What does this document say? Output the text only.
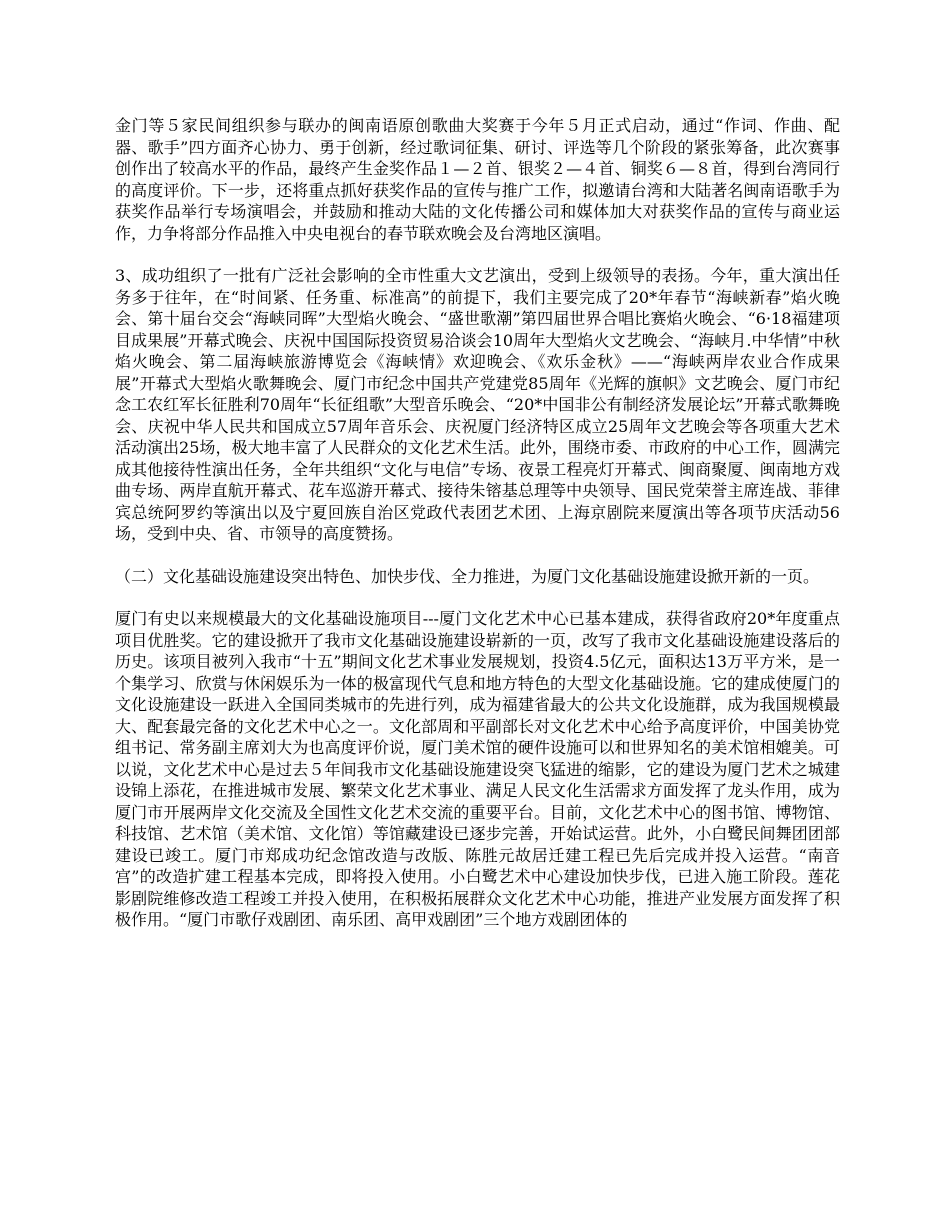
金门等５家民间组织参与联办的闽南语原创歌曲大奖赛于今年５月正式启动，通过“作词、作曲、配器、歌手”四方面齐心协力、勇于创新，经过歌词征集、研讨、评选等几个阶段的紧张筹备，此次赛事创作出了较高水平的作品，最终产生金奖作品１—２首、银奖２—４首、铜奖６—８首，得到台湾同行的高度评价。下一步，还将重点抓好获奖作品的宣传与推广工作，拟邀请台湾和大陆著名闽南语歌手为获奖作品举行专场演唱会，并鼓励和推动大陆的文化传播公司和媒体加大对获奖作品的宣传与商业运作，力争将部分作品推入中央电视台的春节联欢晚会及台湾地区演唱。

3、成功组织了一批有广泛社会影响的全市性重大文艺演出，受到上级领导的表扬。今年，重大演出任务多于往年，在“时间紧、任务重、标准高”的前提下，我们主要完成了20*年春节“海峡新春”焰火晚会、第十届台交会“海峡同晖”大型焰火晚会、“盛世歌潮”第四届世界合唱比赛焰火晚会、“6·18福建项目成果展”开幕式晚会、庆祝中国国际投资贸易洽谈会10周年大型焰火文艺晚会、“海峡月.中华情”中秋焰火晚会、第二届海峡旅游博览会《海峡情》欢迎晚会、《欢乐金秋》——“海峡两岸农业合作成果展”开幕式大型焰火歌舞晚会、厦门市纪念中国共产党建党85周年《光辉的旗帜》文艺晚会、厦门市纪念工农红军长征胜利70周年“长征组歌”大型音乐晚会、“20*中国非公有制经济发展论坛”开幕式歌舞晚会、庆祝中华人民共和国成立57周年音乐会、庆祝厦门经济特区成立25周年文艺晚会等各项重大艺术活动演出25场，极大地丰富了人民群众的文化艺术生活。此外，围绕市委、市政府的中心工作，圆满完成其他接待性演出任务，全年共组织“文化与电信”专场、夜景工程亮灯开幕式、闽商聚厦、闽南地方戏曲专场、两岸直航开幕式、花车巡游开幕式、接待朱镕基总理等中央领导、国民党荣誉主席连战、菲律宾总统阿罗约等演出以及宁夏回族自治区党政代表团艺术团、上海京剧院来厦演出等各项节庆活动56场，受到中央、省、市领导的高度赞扬。

（二）文化基础设施建设突出特色、加快步伐、全力推进，为厦门文化基础设施建设掀开新的一页。

厦门有史以来规模最大的文化基础设施项目---厦门文化艺术中心已基本建成，获得省政府20*年度重点项目优胜奖。它的建设掀开了我市文化基础设施建设崭新的一页，改写了我市文化基础设施建设落后的历史。该项目被列入我市“十五”期间文化艺术事业发展规划，投资4.5亿元，面积达13万平方米，是一个集学习、欣赏与休闲娱乐为一体的极富现代气息和地方特色的大型文化基础设施。它的建成使厦门的文化设施建设一跃进入全国同类城市的先进行列，成为福建省最大的公共文化设施群，成为我国规模最大、配套最完备的文化艺术中心之一。文化部周和平副部长对文化艺术中心给予高度评价，中国美协党组书记、常务副主席刘大为也高度评价说，厦门美术馆的硬件设施可以和世界知名的美术馆相媲美。可以说，文化艺术中心是过去５年间我市文化基础设施建设突飞猛进的缩影，它的建设为厦门艺术之城建设锦上添花，在推进城市发展、繁荣文化艺术事业、满足人民文化生活需求方面发挥了龙头作用，成为厦门市开展两岸文化交流及全国性文化艺术交流的重要平台。目前，文化艺术中心的图书馆、博物馆、科技馆、艺术馆（美术馆、文化馆）等馆藏建设已逐步完善，开始试运营。此外，小白鹭民间舞团团部建设已竣工。厦门市郑成功纪念馆改造与改版、陈胜元故居迁建工程已先后完成并投入运营。“南音宫”的改造扩建工程基本完成，即将投入使用。小白鹭艺术中心建设加快步伐，已进入施工阶段。莲花影剧院维修改造工程竣工并投入使用，在积极拓展群众文化艺术中心功能，推进产业发展方面发挥了积极作用。“厦门市歌仔戏剧团、南乐团、高甲戏剧团”三个地方戏剧团体的
